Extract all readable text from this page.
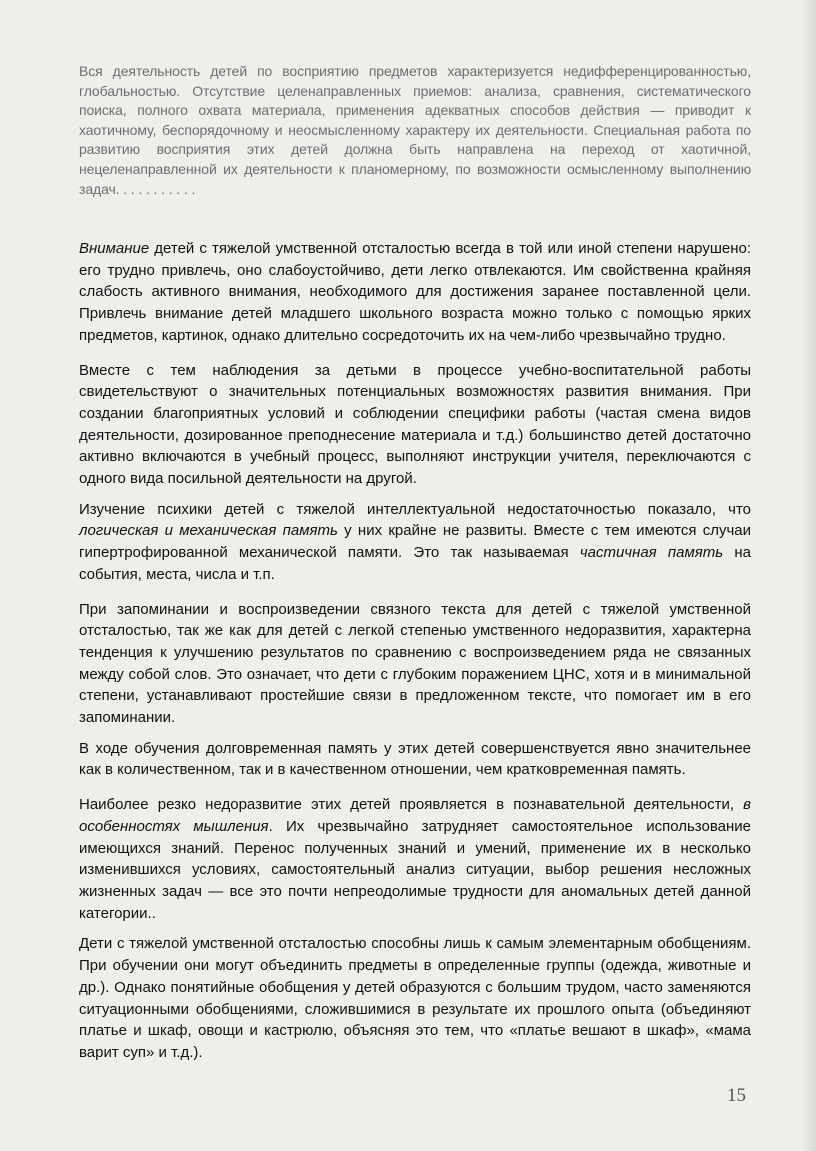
Вся деятельность детей по восприятию предметов характеризуется недифференцированностью, глобальностью. Отсутствие целенаправленных приемов: анализа, сравнения, систематического поиска, полного охвата материала, применения адекватных способов действия — приводит к хаотичному, беспорядочному и неосмысленному характеру их деятельности. Специальная работа по развитию восприятия этих детей должна быть направлена на переход от хаотичной, нецеленаправленной их деятельности к планомерному, по возможности осмысленному выполнению задач. . . . . . . . . . .

Внимание детей с тяжелой умственной отсталостью всегда в той или иной степени нарушено: его трудно привлечь, оно слабоустойчиво, дети легко отвлекаются. Им свойственна крайняя слабость активного внимания, необходимого для достижения заранее поставленной цели. Привлечь внимание детей младшего школьного возраста можно только с помощью ярких предметов, картинок, однако длительно сосредоточить их на чем-либо чрезвычайно трудно.

Вместе с тем наблюдения за детьми в процессе учебно-воспитательной работы свидетельствуют о значительных потенциальных возможностях развития внимания. При создании благоприятных условий и соблюдении специфики работы (частая смена видов деятельности, дозированное преподнесение материала и т.д.) большинство детей достаточно активно включаются в учебный процесс, выполняют инструкции учителя, переключаются с одного вида посильной деятельности на другой.

Изучение психики детей с тяжелой интеллектуальной недостаточностью показало, что логическая и механическая память у них крайне не развиты. Вместе с тем имеются случаи гипертрофированной механической памяти. Это так называемая частичная память на события, места, числа и т.п.

При запоминании и воспроизведении связного текста для детей с тяжелой умственной отсталостью, так же как для детей с легкой степенью умственного недоразвития, характерна тенденция к улучшению результатов по сравнению с воспроизведением ряда не связанных между собой слов. Это означает, что дети с глубоким поражением ЦНС, хотя и в минимальной степени, устанавливают простейшие связи в предложенном тексте, что помогает им в его запоминании.

В ходе обучения долговременная память у этих детей совершенствуется явно значительнее как в количественном, так и в качественном отношении, чем кратковременная память.

Наиболее резко недоразвитие этих детей проявляется в познавательной деятельности, в особенностях мышления. Их чрезвычайно затрудняет самостоятельное использование имеющихся знаний. Перенос полученных знаний и умений, применение их в несколько изменившихся условиях, самостоятельный анализ ситуации, выбор решения несложных жизненных задач — все это почти непреодолимые трудности для аномальных детей данной категории..

Дети с тяжелой умственной отсталостью способны лишь к самым элементарным обобщениям. При обучении они могут объединить предметы в определенные группы (одежда, животные и др.). Однако понятийные обобщения у детей образуются с большим трудом, часто заменяются ситуационными обобщениями, сложившимися в результате их прошлого опыта (объединяют платье и шкаф, овощи и кастрюлю, объясняя это тем, что «платье вешают в шкаф», «мама варит суп» и т.д.).

15
